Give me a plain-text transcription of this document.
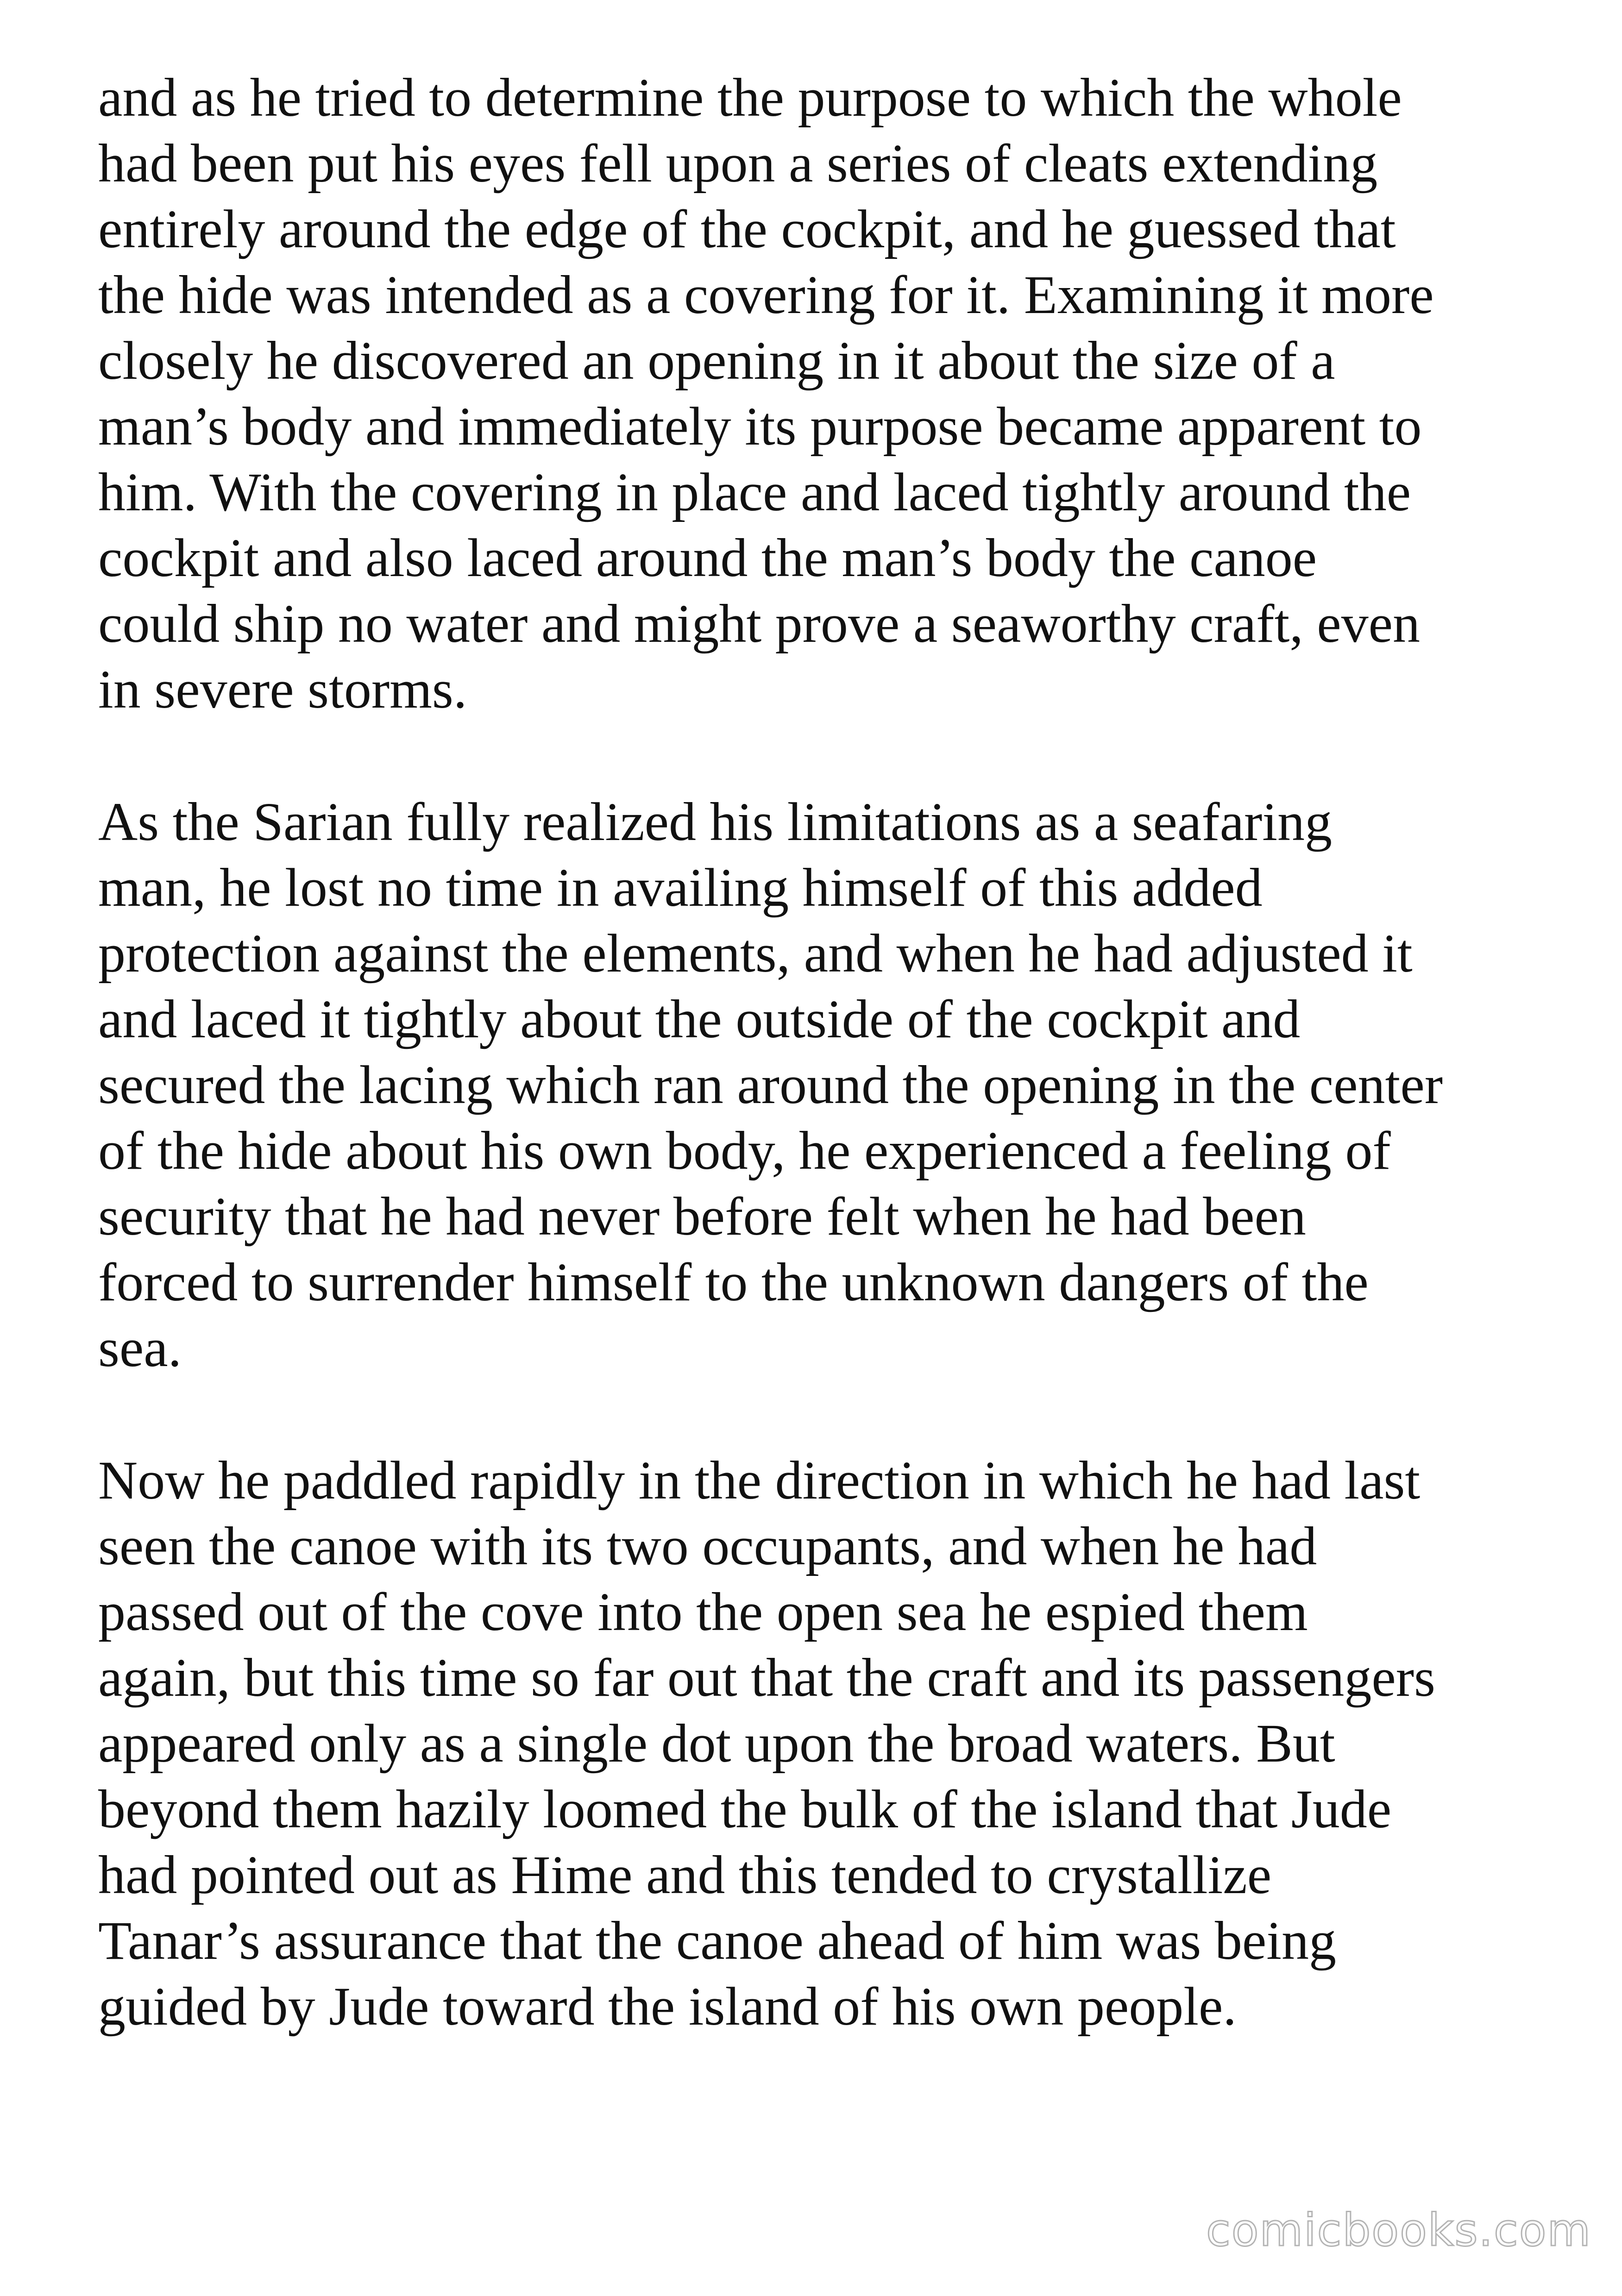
and as he tried to determine the purpose to which the whole
had been put his eyes fell upon a series of cleats extending
entirely around the edge of the cockpit, and he guessed that
the hide was intended as a covering for it. Examining it more
closely he discovered an opening in it about the size of a
man’s body and immediately its purpose became apparent to
him. With the covering in place and laced tightly around the
cockpit and also laced around the man’s body the canoe
could ship no water and might prove a seaworthy craft, even
in severe storms.

As the Sarian fully realized his limitations as a seafaring
man, he lost no time in availing himself of this added
protection against the elements, and when he had adjusted it
and laced it tightly about the outside of the cockpit and
secured the lacing which ran around the opening in the center
of the hide about his own body, he experienced a feeling of
security that he had never before felt when he had been
forced to surrender himself to the unknown dangers of the
sea.

Now he paddled rapidly in the direction in which he had last
seen the canoe with its two occupants, and when he had
passed out of the cove into the open sea he espied them
again, but this time so far out that the craft and its passengers
appeared only as a single dot upon the broad waters. But
beyond them hazily loomed the bulk of the island that Jude
had pointed out as Hime and this tended to crystallize
Tanar’s assurance that the canoe ahead of him was being
guided by Jude toward the island of his own people.

comicbooks.com
